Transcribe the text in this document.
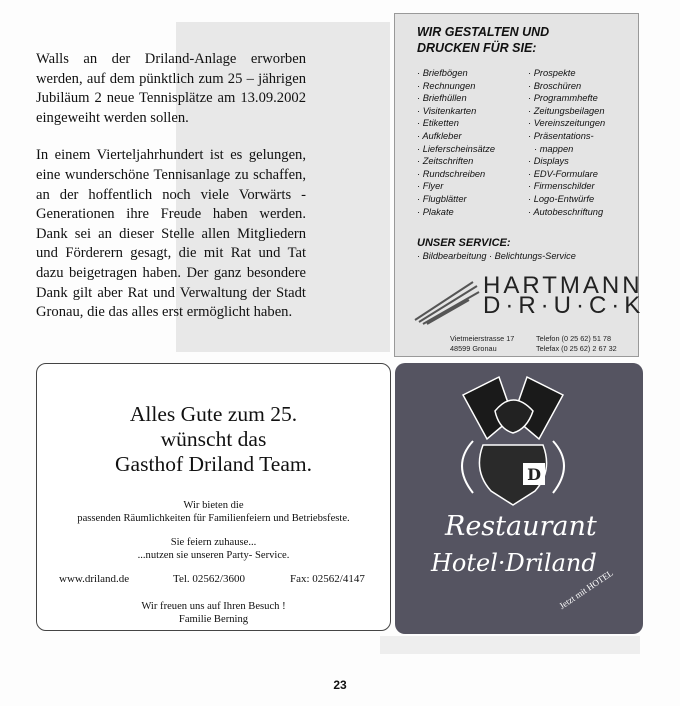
Walls an der Driland-Anlage erworben werden, auf dem pünktlich zum 25 – jährigen Jubiläum 2 neue Tennisplätze am 13.09.2002 eingeweiht werden sollen.

In einem Vierteljahrhundert ist es gelungen, eine wunderschöne Tennisanlage zu schaffen, an der hoffentlich noch viele Vorwärts - Generationen ihre Freude haben werden. Dank sei an dieser Stelle allen Mitgliedern und Förderern gesagt, die mit Rat und Tat dazu beigetragen haben. Der ganz besondere Dank gilt aber Rat und Verwaltung der Stadt Gronau, die das alles erst ermöglicht haben.

WIR GESTALTEN UND
DRUCKEN FÜR SIE:
· Briefbögen
· Rechnungen
· Briefhüllen
· Visitenkarten
· Etiketten
· Aufkleber
· Lieferscheinsätze
· Zeitschriften
· Rundschreiben
· Flyer
· Flugblätter
· Plakate
· Prospekte
· Broschüren
· Programmhefte
· Zeitungsbeilagen
· Vereinszeitungen
· Präsentations-
· mappen
· Displays
· EDV-Formulare
· Firmenschilder
· Logo-Entwürfe
· Autobeschriftung
UNSER SERVICE:
· Bildbearbeitung · Belichtungs-Service
HARTMANN
D·R·U·C·K
Vietmeierstrasse 17
48599 Gronau
Telefon (0 25 62) 51 78
Telefax (0 25 62) 2 67 32
Alles Gute zum 25.
wünscht das
Gasthof Driland Team.
Wir bieten die
passenden Räumlichkeiten für Familienfeiern und Betriebsfeste.
Sie feiern zuhause...
...nutzen sie unseren Party- Service.
www.driland.de	Tel. 02562/3600	Fax: 02562/4147
Wir freuen uns auf Ihren Besuch !
Familie Berning
D
Restaurant
Hotel·Driland
Jetzt mit HOTEL
23
